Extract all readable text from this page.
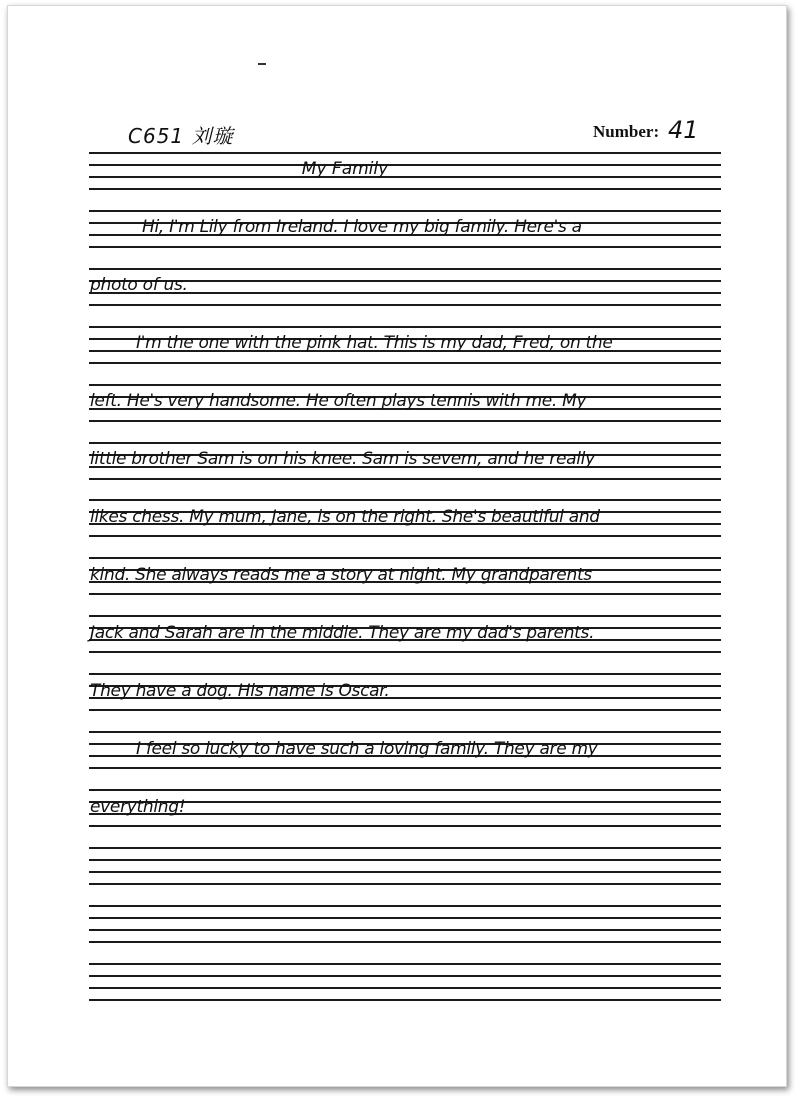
C651 刘璇	Number: 41
My Family
Hi, I'm Lily from Ireland. I love my big family. Here's a
photo of us.
I'm the one with the pink hat. This is my dad, Fred, on the
left. He's very handsome. He often plays tennis with me. My
little brother Sam is on his knee. Sam is sevem, and he really
likes chess. My mum, Jane, is on the right. She's beautiful and
kind. She always reads me a story at night. My grandparents
Jack and Sarah are in the middle. They are my dad's parents.
They have a dog. His name is Oscar.
I feel so lucky to have such a loving family. They are my
everything!
